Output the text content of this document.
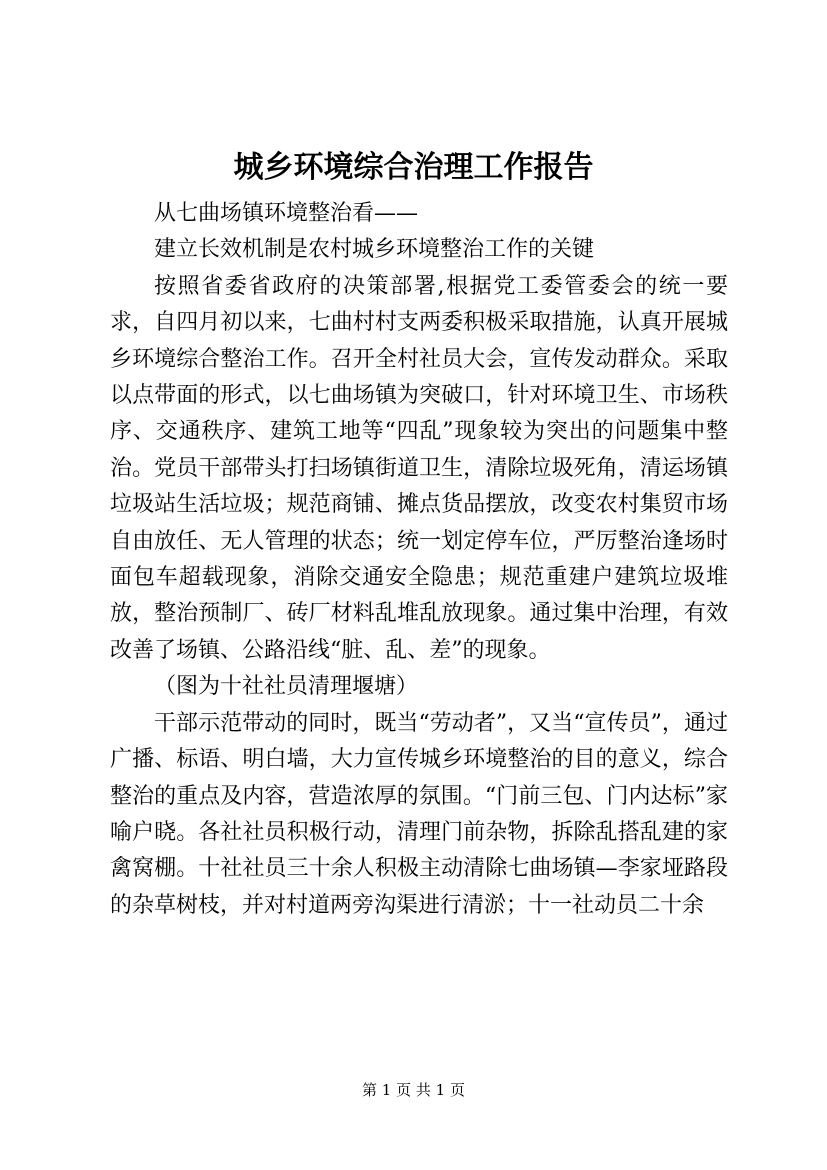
城乡环境综合治理工作报告

从七曲场镇环境整治看——

建立长效机制是农村城乡环境整治工作的关键

按照省委省政府的决策部署,根据党工委管委会的统一要求，自四月初以来，七曲村村支两委积极采取措施，认真开展城乡环境综合整治工作。召开全村社员大会，宣传发动群众。采取以点带面的形式，以七曲场镇为突破口，针对环境卫生、市场秩序、交通秩序、建筑工地等“四乱”现象较为突出的问题集中整治。党员干部带头打扫场镇街道卫生，清除垃圾死角，清运场镇垃圾站生活垃圾；规范商铺、摊点货品摆放，改变农村集贸市场自由放任、无人管理的状态；统一划定停车位，严厉整治逢场时面包车超载现象，消除交通安全隐患；规范重建户建筑垃圾堆放，整治预制厂、砖厂材料乱堆乱放现象。通过集中治理，有效改善了场镇、公路沿线“脏、乱、差”的现象。

（图为十社社员清理堰塘）

干部示范带动的同时，既当“劳动者”，又当“宣传员”，通过广播、标语、明白墙，大力宣传城乡环境整治的目的意义，综合整治的重点及内容，营造浓厚的氛围。“门前三包、门内达标”家喻户晓。各社社员积极行动，清理门前杂物，拆除乱搭乱建的家禽窝棚。十社社员三十余人积极主动清除七曲场镇—李家垭路段的杂草树枝，并对村道两旁沟渠进行清淤；十一社动员二十余

第 1 页 共 1 页
